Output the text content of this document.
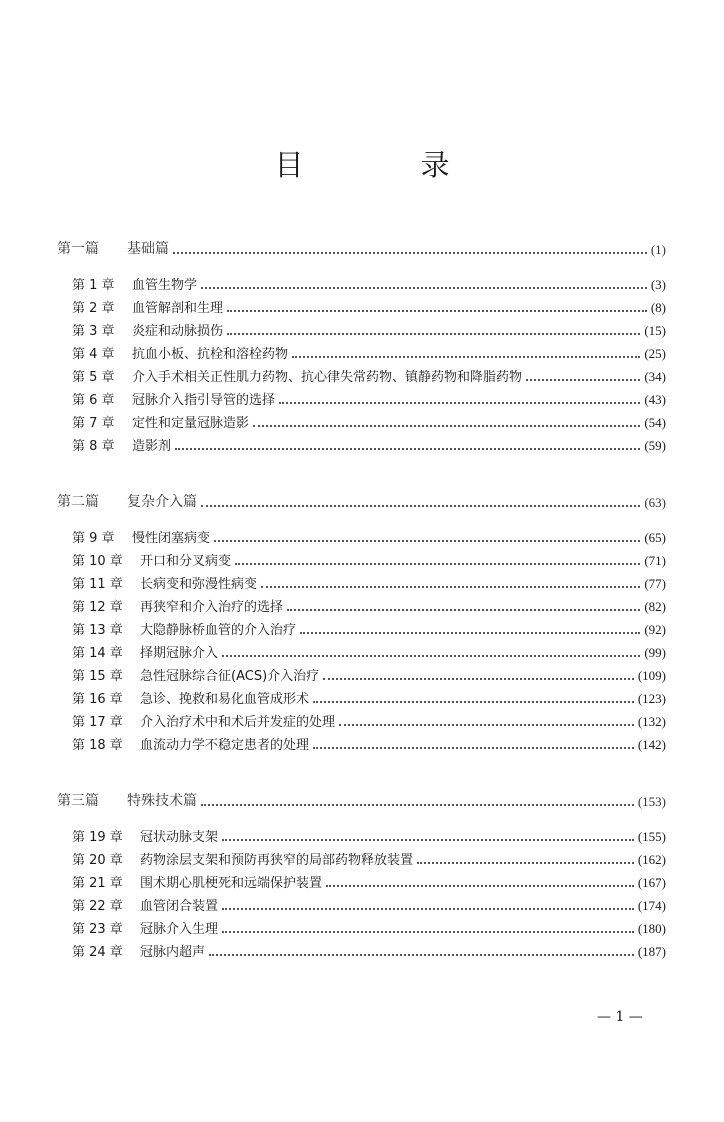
目　录
第一篇	基础篇	(1)
第 1 章	血管生物学	(3)
第 2 章	血管解剖和生理	(8)
第 3 章	炎症和动脉损伤	(15)
第 4 章	抗血小板、抗栓和溶栓药物	(25)
第 5 章	介入手术相关正性肌力药物、抗心律失常药物、镇静药物和降脂药物	(34)
第 6 章	冠脉介入指引导管的选择	(43)
第 7 章	定性和定量冠脉造影	(54)
第 8 章	造影剂	(59)
第二篇	复杂介入篇	(63)
第 9 章	慢性闭塞病变	(65)
第 10 章	开口和分叉病变	(71)
第 11 章	长病变和弥漫性病变	(77)
第 12 章	再狭窄和介入治疗的选择	(82)
第 13 章	大隐静脉桥血管的介入治疗	(92)
第 14 章	择期冠脉介入	(99)
第 15 章	急性冠脉综合征(ACS)介入治疗	(109)
第 16 章	急诊、挽救和易化血管成形术	(123)
第 17 章	介入治疗术中和术后并发症的处理	(132)
第 18 章	血流动力学不稳定患者的处理	(142)
第三篇	特殊技术篇	(153)
第 19 章	冠状动脉支架	(155)
第 20 章	药物涂层支架和预防再狭窄的局部药物释放装置	(162)
第 21 章	围术期心肌梗死和远端保护装置	(167)
第 22 章	血管闭合装置	(174)
第 23 章	冠脉介入生理	(180)
第 24 章	冠脉内超声	(187)
— 1 —
